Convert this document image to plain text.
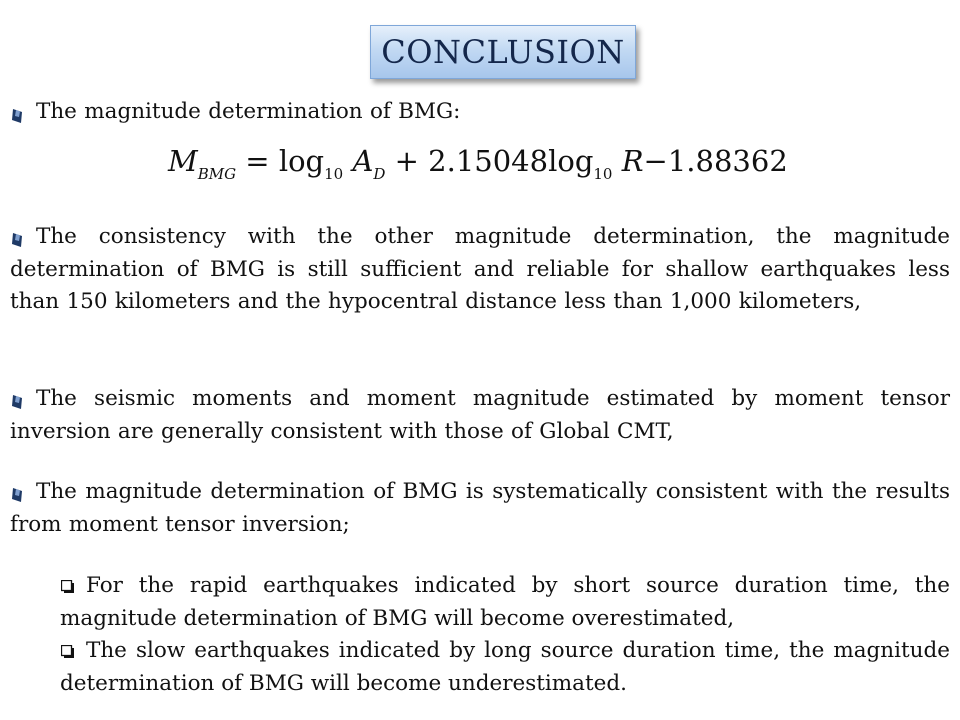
CONCLUSION
The magnitude determination of BMG:
$M_{BMG} = \log_{10} A_D + 2.15048\log_{10}$ R−1.88362
The consistency with the other magnitude determination, the magnitude determination of BMG is still sufficient and reliable for shallow earthquakes less than 150 kilometers and the hypocentral distance less than 1,000 kilometers,
The seismic moments and moment magnitude estimated by moment tensor inversion are generally consistent with those of Global CMT,
The magnitude determination of BMG is systematically consistent with the results from moment tensor inversion;
For the rapid earthquakes indicated by short source duration time, the magnitude determination of BMG will become overestimated,
The slow earthquakes indicated by long source duration time, the magnitude determination of BMG will become underestimated.
